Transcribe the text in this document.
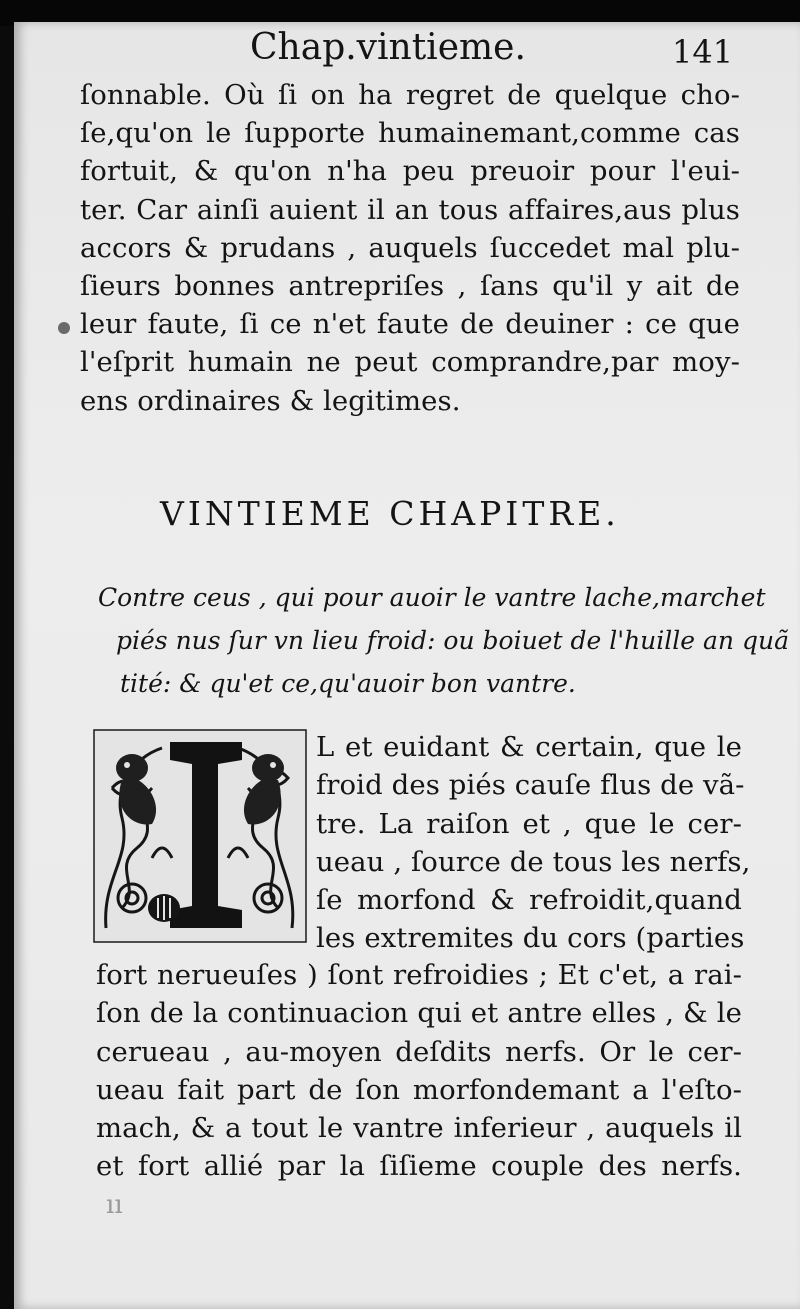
Chap.vintieme.	141
ſonnable. Où ſi on ha regret de quelque cho-
ſe,qu'on le ſupporte humainemant,comme cas
fortuit, & qu'on n'ha peu preuoir pour l'eui-
ter. Car ainſi auient il an tous affaires,aus plus
accors & prudans , auquels ſuccedet mal plu-
ſieurs bonnes antrepriſes , ſans qu'il y ait de
leur faute, ſi ce n'et faute de deuiner : ce que
l'eſprit humain ne peut comprandre,par moy-
ens ordinaires & legitimes.
VINTIEME CHAPITRE.
Contre ceus , qui pour auoir le vantre lache,marchet
piés nus ſur vn lieu froid: ou boiuet de l'huille an quã
tité: & qu'et ce,qu'auoir bon vantre.
L et euidant & certain, que le
froid des piés cauſe flus de vã-
tre. La raiſon et , que le cer-
ueau , ſource de tous les nerfs,
ſe morfond & refroidit,quand
les extremites du cors (parties
fort nerueuſes ) ſont refroidies ; Et c'et, a rai-
ſon de la continuacion qui et antre elles , & le
cerueau , au-moyen deſdits nerfs. Or le cer-
ueau fait part de ſon morfondemant a l'eſto-
mach, & a tout le vantre inferieur , auquels il
et fort allié par la ſiſieme couple des nerfs.
ıı
